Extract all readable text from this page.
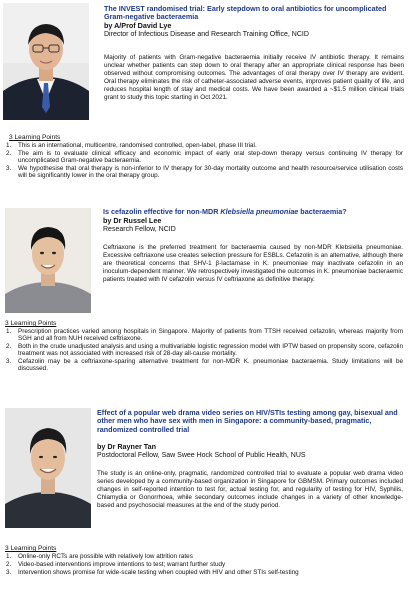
The INVEST randomised trial: Early stepdown to oral antibiotics for uncomplicated Gram-negative bacteraemia
by A/Prof David Lye
Director of Infectious Disease and Research Training Office, NCID
Majority of patients with Gram-negative bacteraemia initially receive IV antibiotic therapy. It remains unclear whether patients can step down to oral therapy after an appropriate clinical response has been observed without compromising outcomes. The advantages of oral therapy over IV therapy are evident. Oral therapy eliminates the risk of catheter-associated adverse events, improves patient quality of life, and reduces hospital length of stay and medical costs. We have been awarded a ~$1.5 million clinical trials grant to study this topic starting in Oct 2021.
3 Learning Points
1.	This is an international, multicentre, randomised controlled, open-label, phase III trial.
2.	The aim is to evaluate clinical efficacy and economic impact of early oral step-down therapy versus continuing IV therapy for uncomplicated Gram-negative bacteraemia.
3.	We hypothesise that oral therapy is non-inferior to IV therapy for 30-day mortality outcome and health resource/service utilisation costs will be significantly lower in the oral therapy group.
Is cefazolin effective for non-MDR Klebsiella pneumoniae bacteraemia?
by Dr Russel Lee
Research Fellow, NCID
Ceftriaxone is the preferred treatment for bacteraemia caused by non-MDR Klebsiella pneumoniae. Excessive ceftriaxone use creates selection pressure for ESBLs. Cefazolin is an alternative, although there are theoretical concerns that SHV-1 β-lactamase in K. pneumoniae may inactivate cefazolin in an inoculum-dependent manner. We retrospectively investigated the outcomes in K. pneumoniae bacteraemic patients treated with IV cefazolin versus IV ceftriaxone as definitive therapy.
3 Learning Points
1.	Prescription practices varied among hospitals in Singapore. Majority of patients from TTSH received cefazolin, whereas majority from SGH and all from NUH received ceftriaxone.
2.	Both in the crude unadjusted analysis and using a multivariable logistic regression model with IPTW based on propensity score, cefazolin treatment was not associated with increased risk of 28-day all-cause mortality.
3.	Cefazolin may be a ceftriaxone-sparing alternative treatment for non-MDR K. pneumoniae bacteraemia. Study limitations will be discussed.
Effect of a popular web drama video series on HIV/STIs testing among gay, bisexual and other men who have sex with men in Singapore: a community-based, pragmatic, randomized controlled trial
by Dr Rayner Tan
Postdoctoral Fellow, Saw Swee Hock School of Public Health, NUS
The study is an online-only, pragmatic, randomized controlled trial to evaluate a popular web drama video series developed by a community-based organization in Singapore for GBMSM. Primary outcomes included changes in self-reported intention to test for, actual testing for, and regularity of testing for HIV, Syphilis, Chlamydia or Gonorrhoea, while secondary outcomes include changes in a variety of other knowledge-based and psychosocial measures at the end of the study period.
3 Learning Points
1.	Online-only RCTs are possible with relatively low attrition rates
2.	Video-based interventions improve intentions to test; warrant further study
3.	Intervention shows promise for wide-scale testing when coupled with HIV and other STIs self-testing
